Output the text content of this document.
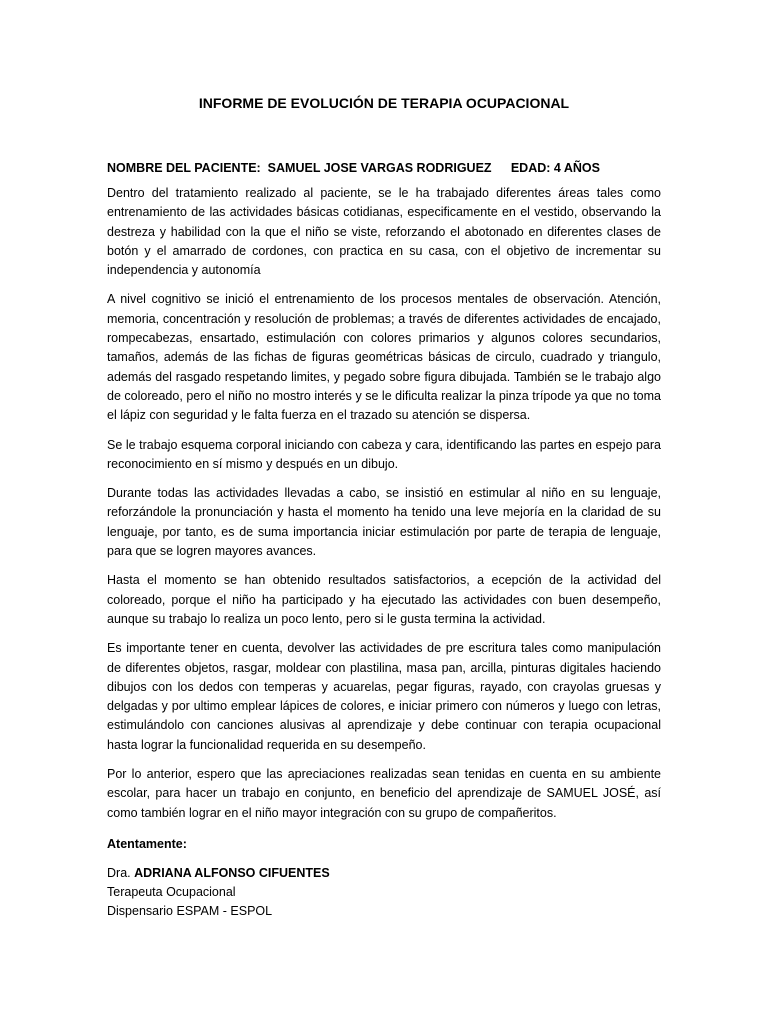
INFORME DE EVOLUCIÓN DE TERAPIA OCUPACIONAL
NOMBRE DEL PACIENTE: SAMUEL JOSE VARGAS RODRIGUEZ EDAD: 4 AÑOS

Dentro del tratamiento realizado al paciente, se le ha trabajado diferentes áreas tales como entrenamiento de las actividades básicas cotidianas, especificamente en el vestido, observando la destreza y habilidad con la que el niño se viste, reforzando el abotonado en diferentes clases de botón y el amarrado de cordones, con practica en su casa, con el objetivo de incrementar su independencia y autonomía

A nivel cognitivo se inició el entrenamiento de los procesos mentales de observación. Atención, memoria, concentración y resolución de problemas; a través de diferentes actividades de encajado, rompecabezas, ensartado, estimulación con colores primarios y algunos colores secundarios, tamaños, además de las fichas de figuras geométricas básicas de circulo, cuadrado y triangulo, además del rasgado respetando limites, y pegado sobre figura dibujada. También se le trabajo algo de coloreado, pero el niño no mostro interés y se le dificulta realizar la pinza trípode ya que no toma el lápiz con seguridad y le falta fuerza en el trazado su atención se dispersa.

Se le trabajo esquema corporal iniciando con cabeza y cara, identificando las partes en espejo para reconocimiento en sí mismo y después en un dibujo.

Durante todas las actividades llevadas a cabo, se insistió en estimular al niño en su lenguaje, reforzándole la pronunciación y hasta el momento ha tenido una leve mejoría en la claridad de su lenguaje, por tanto, es de suma importancia iniciar estimulación por parte de terapia de lenguaje, para que se logren mayores avances.

Hasta el momento se han obtenido resultados satisfactorios, a ecepción de la actividad del coloreado, porque el niño ha participado y ha ejecutado las actividades con buen desempeño, aunque su trabajo lo realiza un poco lento, pero si le gusta termina la actividad.

Es importante tener en cuenta, devolver las actividades de pre escritura tales como manipulación de diferentes objetos, rasgar, moldear con plastilina, masa pan, arcilla, pinturas digitales haciendo dibujos con los dedos con temperas y acuarelas, pegar figuras, rayado, con crayolas gruesas y delgadas y por ultimo emplear lápices de colores, e iniciar primero con números y luego con letras, estimulándolo con canciones alusivas al aprendizaje y debe continuar con terapia ocupacional hasta lograr la funcionalidad requerida en su desempeño.

Por lo anterior, espero que las apreciaciones realizadas sean tenidas en cuenta en su ambiente escolar, para hacer un trabajo en conjunto, en beneficio del aprendizaje de SAMUEL JOSÉ, así como también lograr en el niño mayor integración con su grupo de compañeritos.

Atentamente:
Dra. ADRIANA ALFONSO CIFUENTES
Terapeuta Ocupacional
Dispensario ESPAM - ESPOL
